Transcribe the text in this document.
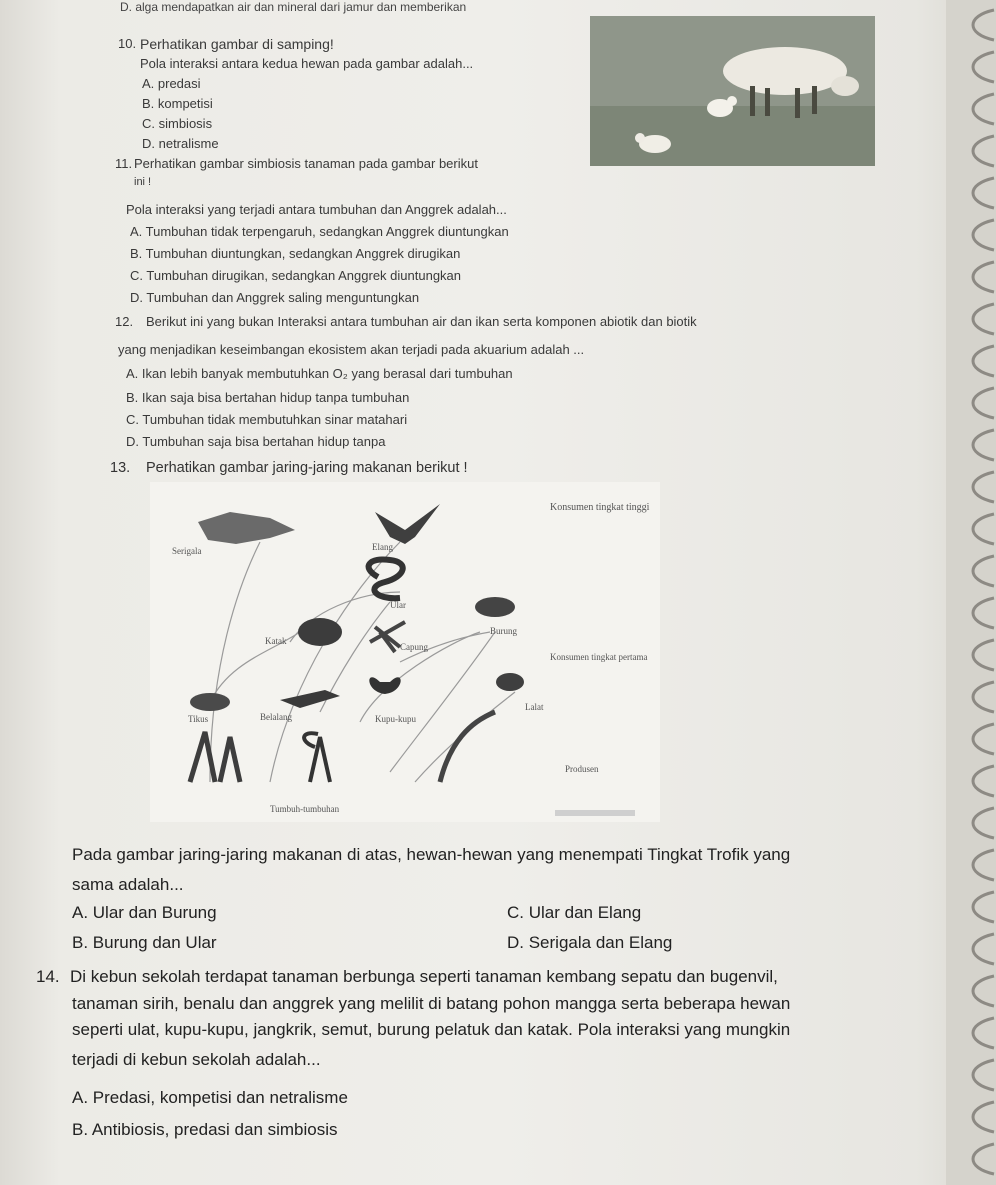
D. alga mendapatkan air dan mineral dari jamur dan memberikan
10. Perhatikan gambar di samping!
Pola interaksi antara kedua hewan pada gambar adalah...
A. predasi
B. kompetisi
C. simbiosis
D. netralisme
11. Perhatikan gambar simbiosis tanaman pada gambar berikut
ini !
Pola interaksi yang terjadi antara tumbuhan dan Anggrek adalah...
A. Tumbuhan tidak terpengaruh, sedangkan Anggrek diuntungkan
B. Tumbuhan diuntungkan, sedangkan Anggrek dirugikan
C. Tumbuhan dirugikan, sedangkan Anggrek diuntungkan
D. Tumbuhan dan Anggrek saling menguntungkan
12. Berikut ini yang bukan Interaksi antara tumbuhan air dan ikan serta komponen abiotik dan biotik
yang menjadikan keseimbangan ekosistem akan terjadi pada akuarium adalah ...
A. Ikan lebih banyak membutuhkan O₂ yang berasal dari tumbuhan
B. Ikan saja bisa bertahan hidup tanpa tumbuhan
C. Tumbuhan tidak membutuhkan sinar matahari
D. Tumbuhan saja bisa bertahan hidup tanpa
13. Perhatikan gambar jaring-jaring makanan berikut !
Konsumen tingkat tinggi
Serigala	Elang
Ular
Katak
Capung
Burung
Konsumen tingkat pertama
Tikus	Belalang	Kupu-kupu
Lalat
Produsen
Tumbuh-tumbuhan
Pada gambar jaring-jaring makanan di atas, hewan-hewan yang menempati Tingkat Trofik yang
sama adalah...
A. Ular dan Burung
B. Burung dan Ular
C. Ular dan Elang
D. Serigala dan Elang
14. Di kebun sekolah terdapat tanaman berbunga seperti tanaman kembang sepatu dan bugenvil,
tanaman sirih, benalu dan anggrek yang melilit di batang pohon mangga serta beberapa hewan
seperti ulat, kupu-kupu, jangkrik, semut, burung pelatuk dan katak. Pola interaksi yang mungkin
terjadi di kebun sekolah adalah...
A. Predasi, kompetisi dan netralisme
B. Antibiosis, predasi dan simbiosis
